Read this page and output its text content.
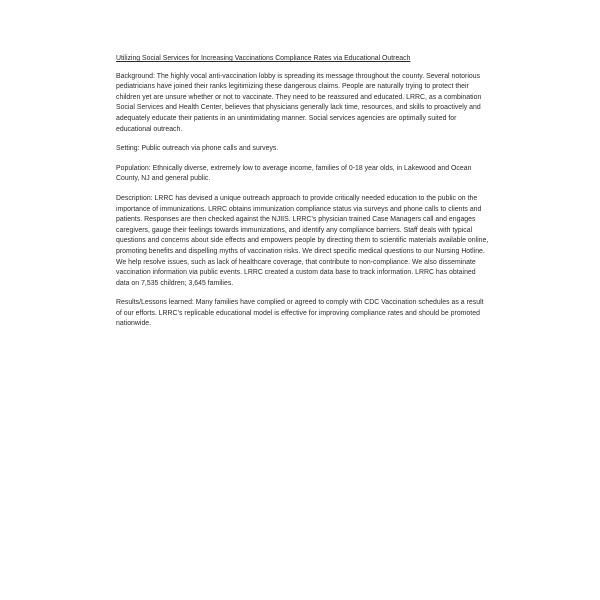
Utilizing Social Services for Increasing Vaccinations Compliance Rates via Educational Outreach

Background: The highly vocal anti-vaccination lobby is spreading its message throughout the county. Several notorious pediatricians have joined their ranks legitimizing these dangerous claims. People are naturally trying to protect their children yet are unsure whether or not to vaccinate. They need to be reassured and educated. LRRC, as a combination Social Services and Health Center, believes that physicians generally lack time, resources, and skills to proactively and adequately educate their patients in an unintimidating manner. Social services agencies are optimally suited for educational outreach.

Setting: Public outreach via phone calls and surveys.

Population: Ethnically diverse, extremely low to average income, families of 0-18 year olds, in Lakewood and Ocean County, NJ and general public.

Description: LRRC has devised a unique outreach approach to provide critically needed education to the public on the importance of immunizations. LRRC obtains immunization compliance status via surveys and phone calls to clients and patients. Responses are then checked against the NJIIS. LRRC’s physician trained Case Managers call and engages caregivers, gauge their feelings towards immunizations, and identify any compliance barriers. Staff deals with typical questions and concerns about side effects and empowers people by directing them to scientific materials available online, promoting benefits and dispelling myths of vaccination risks. We direct specific medical questions to our Nursing Hotline. We help resolve issues, such as lack of healthcare coverage, that contribute to non-compliance. We also disseminate vaccination information via public events. LRRC created a custom data base to track information. LRRC has obtained data on 7,535 children; 3,645 families.

Results/Lessons learned: Many families have complied or agreed to comply with CDC Vaccination schedules as a result of our efforts. LRRC’s replicable educational model is effective for improving compliance rates and should be promoted nationwide.
